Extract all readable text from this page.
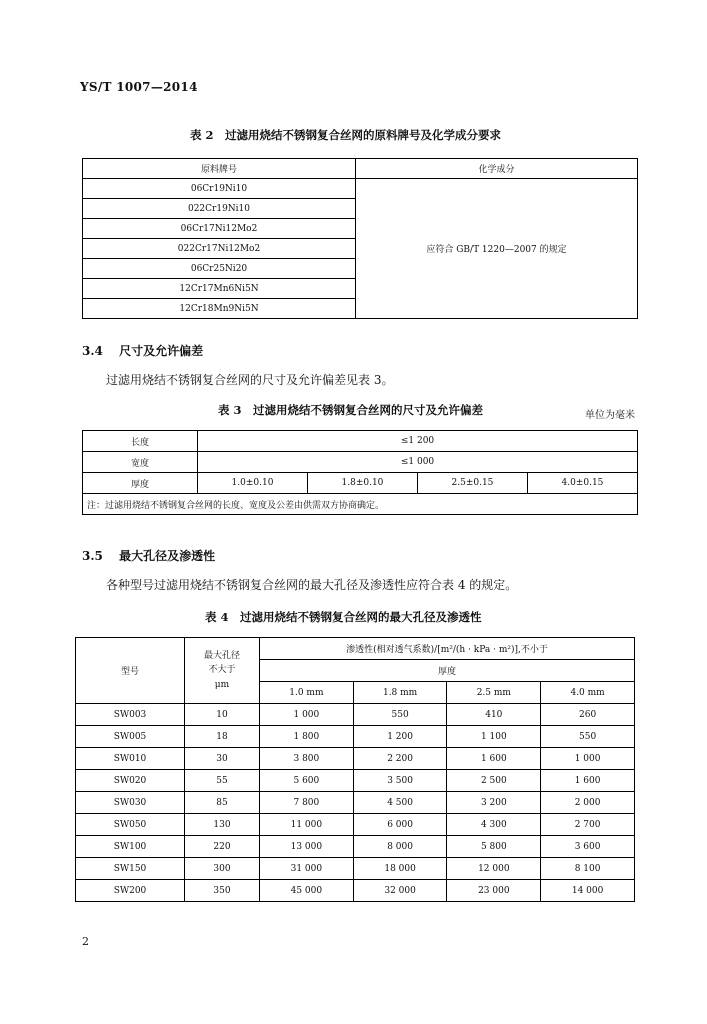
YS/T 1007—2014
表 2　过滤用烧结不锈钢复合丝网的原料牌号及化学成分要求
原料牌号	化学成分
06Cr19Ni10	应符合 GB/T 1220—2007 的规定
022Cr19Ni10	
06Cr17Ni12Mo2	
022Cr17Ni12Mo2	
06Cr25Ni20	
12Cr17Mn6Ni5N	
12Cr18Mn9Ni5N	
3.4 尺寸及允许偏差
过滤用烧结不锈钢复合丝网的尺寸及允许偏差见表 3。
表 3　过滤用烧结不锈钢复合丝网的尺寸及允许偏差	单位为毫米
长度	≤1 200			
宽度	≤1 000			
厚度	1.0±0.10	1.8±0.10	2.5±0.15	4.0±0.15
注：过滤用烧结不锈钢复合丝网的长度、宽度及公差由供需双方协商确定。				
3.5 最大孔径及渗透性
各种型号过滤用烧结不锈钢复合丝网的最大孔径及渗透性应符合表 4 的规定。
表 4　过滤用烧结不锈钢复合丝网的最大孔径及渗透性
型号	最大孔径
不大于
μm	渗透性(相对透气系数)/[m²/(h · kPa · m²)],不小于			
		厚度			
		1.0 mm	1.8 mm	2.5 mm	4.0 mm
SW003	10	1 000	550	410	260
SW005	18	1 800	1 200	1 100	550
SW010	30	3 800	2 200	1 600	1 000
SW020	55	5 600	3 500	2 500	1 600
SW030	85	7 800	4 500	3 200	2 000
SW050	130	11 000	6 000	4 300	2 700
SW100	220	13 000	8 000	5 800	3 600
SW150	300	31 000	18 000	12 000	8 100
SW200	350	45 000	32 000	23 000	14 000
2
